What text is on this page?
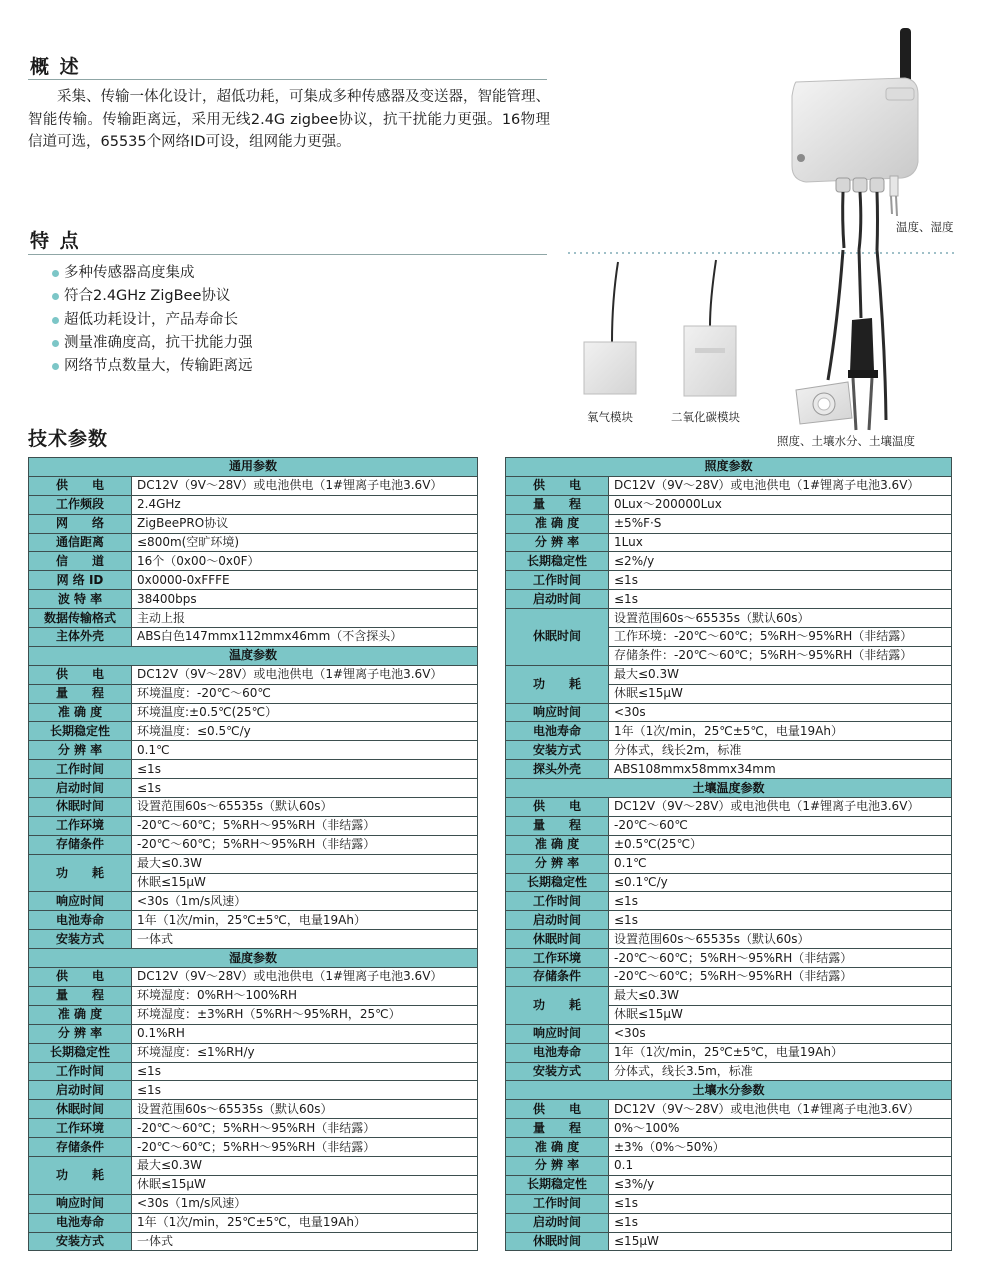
概 述
　　采集、传输一体化设计，超低功耗，可集成多种传感器及变送器，智能管理、智能传输。传输距离远，采用无线2.4G zigbee协议，抗干扰能力更强。16物理信道可选，65535个网络ID可设，组网能力更强。
特 点
多种传感器高度集成
符合2.4GHz ZigBee协议
超低功耗设计，产品寿命长
测量准确度高，抗干扰能力强
网络节点数量大，传输距离远
技术参数
温度、湿度
氧气模块	二氧化碳模块
照度、土壤水分、土壤温度
通用参数	
供　　电	DC12V（9V～28V）或电池供电（1#锂离子电池3.6V）
工作频段	2.4GHz
网　　络	ZigBeePRO协议
通信距离	≤800m(空旷环境)
信　　道	16个（0x00～0x0F）
网 络 ID	0x0000-0xFFFE
波 特 率	38400bps
数据传输格式	主动上报
主体外壳	ABS白色147mmx112mmx46mm（不含探头）
温度参数	
供　　电	DC12V（9V～28V）或电池供电（1#锂离子电池3.6V）
量　　程	环境温度：-20℃～60℃
准 确 度	环境温度:±0.5℃(25℃）
长期稳定性	环境温度：≤0.5℃/y
分 辨 率	0.1℃
工作时间	≤1s
启动时间	≤1s
休眠时间	设置范围60s～65535s（默认60s）
工作环境	-20℃～60℃；5%RH～95%RH（非结露）
存储条件	-20℃～60℃；5%RH～95%RH（非结露）
功　　耗	最大≤0.3W
	休眠≤15μW
响应时间	<30s（1m/s风速）
电池寿命	1年（1次/min，25℃±5℃，电量19Ah）
安装方式	一体式
湿度参数	
供　　电	DC12V（9V～28V）或电池供电（1#锂离子电池3.6V）
量　　程	环境湿度：0%RH～100%RH
准 确 度	环境湿度：±3%RH（5%RH～95%RH，25℃）
分 辨 率	0.1%RH
长期稳定性	环境湿度：≤1%RH/y
工作时间	≤1s
启动时间	≤1s
休眠时间	设置范围60s～65535s（默认60s）
工作环境	-20℃～60℃；5%RH～95%RH（非结露）
存储条件	-20℃～60℃；5%RH～95%RH（非结露）
功　　耗	最大≤0.3W
	休眠≤15μW
响应时间	<30s（1m/s风速）
电池寿命	1年（1次/min，25℃±5℃，电量19Ah）
安装方式	一体式
照度参数	
供　　电	DC12V（9V～28V）或电池供电（1#锂离子电池3.6V）
量　　程	0Lux～200000Lux
准 确 度	±5%F·S
分 辨 率	1Lux
长期稳定性	≤2%/y
工作时间	≤1s
启动时间	≤1s
休眠时间	设置范围60s～65535s（默认60s）
	工作环境：-20℃～60℃；5%RH～95%RH（非结露）
	存储条件：-20℃～60℃；5%RH～95%RH（非结露）
功　　耗	最大≤0.3W
	休眠≤15μW
响应时间	<30s
电池寿命	1年（1次/min，25℃±5℃，电量19Ah）
安装方式	分体式，线长2m，标准
探头外壳	ABS108mmx58mmx34mm
土壤温度参数	
供　　电	DC12V（9V～28V）或电池供电（1#锂离子电池3.6V）
量　　程	-20℃～60℃
准 确 度	±0.5℃(25℃）
分 辨 率	0.1℃
长期稳定性	≤0.1℃/y
工作时间	≤1s
启动时间	≤1s
休眠时间	设置范围60s～65535s（默认60s）
工作环境	-20℃～60℃；5%RH～95%RH（非结露）
存储条件	-20℃～60℃；5%RH～95%RH（非结露）
功　　耗	最大≤0.3W
	休眠≤15μW
响应时间	<30s
电池寿命	1年（1次/min，25℃±5℃，电量19Ah）
安装方式	分体式，线长3.5m，标准
土壤水分参数	
供　　电	DC12V（9V～28V）或电池供电（1#锂离子电池3.6V）
量　　程	0%～100%
准 确 度	±3%（0%～50%）
分 辨 率	0.1
长期稳定性	≤3%/y
工作时间	≤1s
启动时间	≤1s
休眠时间	≤15μW
